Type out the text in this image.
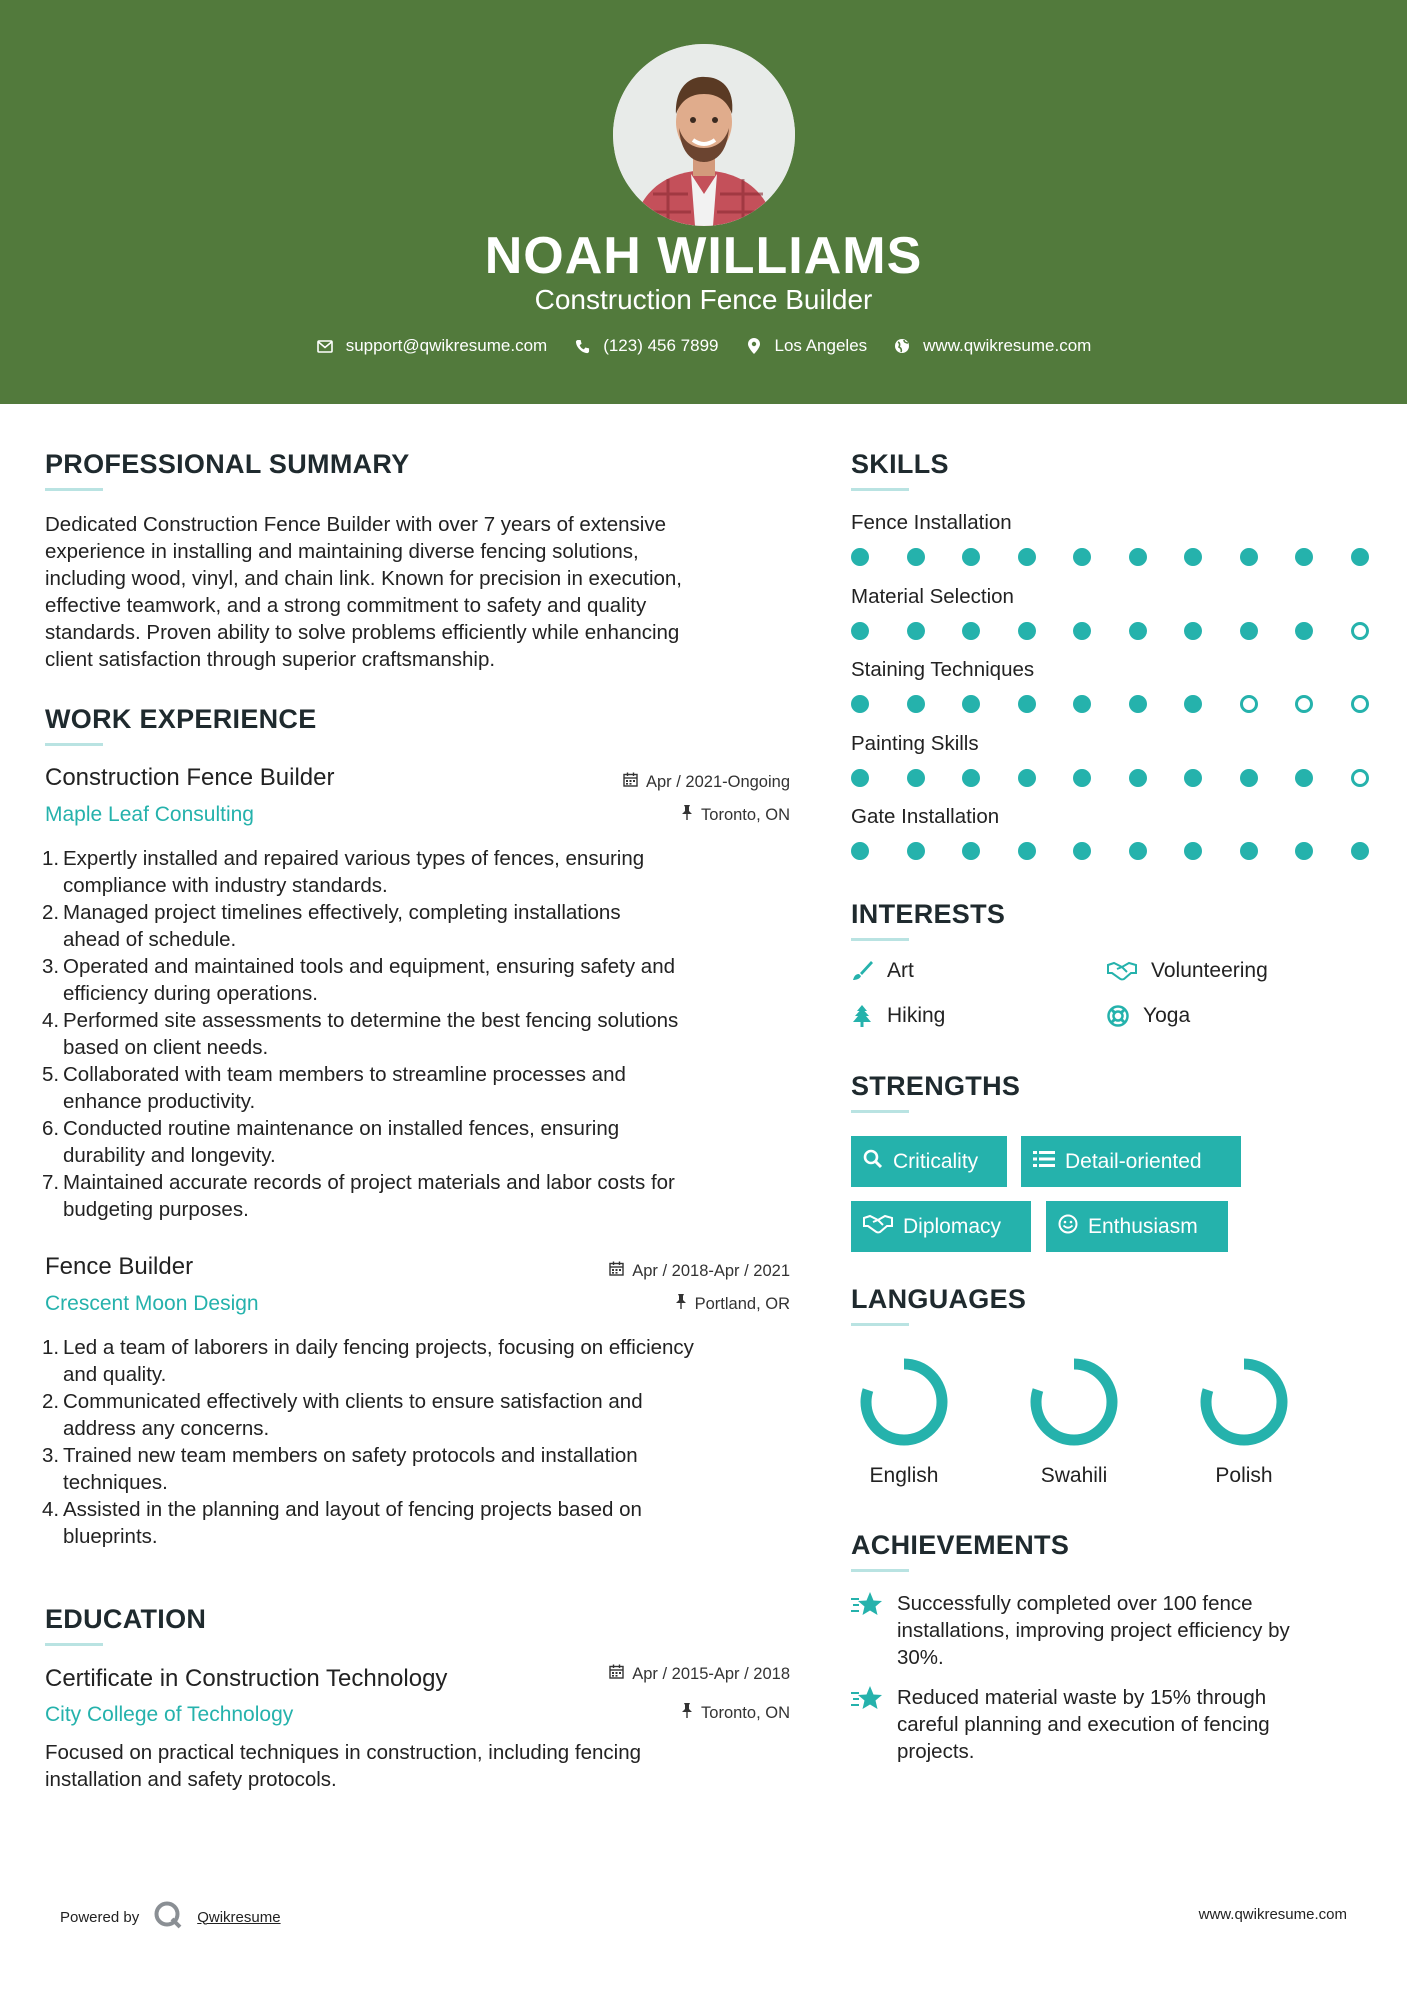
NOAH WILLIAMS
Construction Fence Builder
support@qwikresume.com	(123) 456 7899	Los Angeles	www.qwikresume.com
PROFESSIONAL SUMMARY
Dedicated Construction Fence Builder with over 7 years of extensive
experience in installing and maintaining diverse fencing solutions,
including wood, vinyl, and chain link. Known for precision in execution,
effective teamwork, and a strong commitment to safety and quality
standards. Proven ability to solve problems efficiently while enhancing
client satisfaction through superior craftsmanship.
WORK EXPERIENCE
Construction Fence Builder	Apr / 2021-Ongoing
Maple Leaf Consulting	Toronto, ON
1. Expertly installed and repaired various types of fences, ensuring
compliance with industry standards.
2. Managed project timelines effectively, completing installations
ahead of schedule.
3. Operated and maintained tools and equipment, ensuring safety and
efficiency during operations.
4. Performed site assessments to determine the best fencing solutions
based on client needs.
5. Collaborated with team members to streamline processes and
enhance productivity.
6. Conducted routine maintenance on installed fences, ensuring
durability and longevity.
7. Maintained accurate records of project materials and labor costs for
budgeting purposes.
Fence Builder	Apr / 2018-Apr / 2021
Crescent Moon Design	Portland, OR
1. Led a team of laborers in daily fencing projects, focusing on efficiency
and quality.
2. Communicated effectively with clients to ensure satisfaction and
address any concerns.
3. Trained new team members on safety protocols and installation
techniques.
4. Assisted in the planning and layout of fencing projects based on
blueprints.
EDUCATION
Certificate in Construction Technology	Apr / 2015-Apr / 2018
City College of Technology	Toronto, ON
Focused on practical techniques in construction, including fencing
installation and safety protocols.
SKILLS
Fence Installation
Material Selection
Staining Techniques
Painting Skills
Gate Installation
INTERESTS
Art	Volunteering
Hiking	Yoga
STRENGTHS
Criticality	Detail-oriented
Diplomacy	Enthusiasm
LANGUAGES
English	Swahili	Polish
ACHIEVEMENTS
Successfully completed over 100 fence
installations, improving project efficiency by
30%.
Reduced material waste by 15% through
careful planning and execution of fencing
projects.
Powered by	Qwikresume	www.qwikresume.com
